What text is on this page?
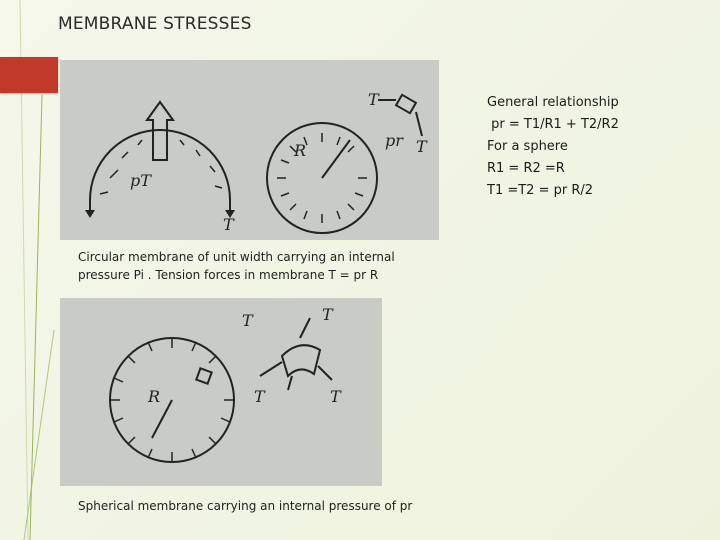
MEMBRANE STRESSES
pT
T
R
T
pr T
Circular membrane of unit width carrying an internal
pressure Pi . Tension forces in membrane T = pr R
R
T	T
T	T
Spherical membrane carrying an internal pressure of pr
General relationship
pr = T1/R1 + T2/R2
For a sphere
R1 = R2 =R
T1 =T2 = pr R/2
